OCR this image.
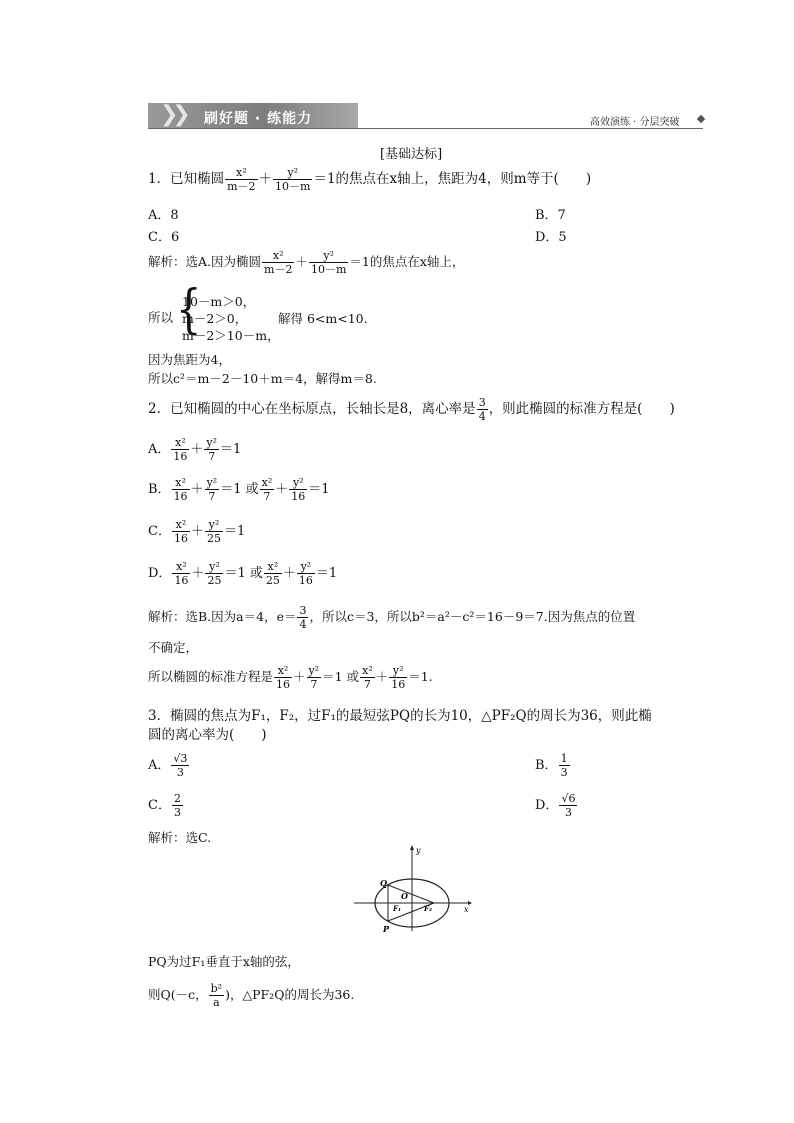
❯❯ 刷好题 · 练能力	高效演练 · 分层突破
[基础达标]
1．已知椭圆 $\frac{\text{x²}}{m-2} + \frac{\text{y²}}{10-m} =1$的焦点在x轴上，焦距为4，则m等于(　　)
A．8	B．7
C．6	D．5
解析：选A.因为椭圆 $\frac{\text{x²}}{m-2} + \frac{\text{y²}}{10-m} =1$的焦点在x轴上，
所以 {
10－m＞0，
m－2＞0，
m－2＞10－m，
解得 6<m<10.
因为焦距为4，
所以c²＝m－2－10＋m＝4，解得m＝8.
2．已知椭圆的中心在坐标原点，长轴长是8，离心率是 $\frac{3}{4}$ ，则此椭圆的标准方程是(　　)
A． $\frac{\text{x²}}{16} + \frac{\text{y²}}{7} =1$
B． $\frac{\text{x²}}{16} + \frac{\text{y²}}{7} =1$ 或 $\frac{\text{x²}}{7} + \frac{\text{y²}}{16} =1$
C． $\frac{\text{x²}}{16} + \frac{\text{y²}}{25} =1$
D． $\frac{\text{x²}}{16} + \frac{\text{y²}}{25} =1$ 或 $\frac{\text{x²}}{25} + \frac{\text{y²}}{16} =1$
解析：选B.因为a＝4，$e= \frac{3}{4}$ ，所以c＝3，所以b²＝a²－c²＝16－9＝7.因为焦点的位置
不确定，
所以椭圆的标准方程是 $\frac{\text{x²}}{16} + \frac{\text{y²}}{7} =1$ 或 $\frac{\text{x²}}{7} + \frac{\text{y²}}{16} =1$.
3．椭圆的焦点为F₁，F₂，过F₁的最短弦PQ的长为10，△PF₂Q的周长为36，则此椭
圆的离心率为(　　)
A． $\frac{√3}{3}$	B． $\frac{1}{3}$
C． $\frac{2}{3}$	D． $\frac{√6}{3}$
解析：选C.
y
x
Q
O
F₁	F₂
P
PQ为过F₁垂直于x轴的弦，
则Q(－c， $\frac{\text{b²}}{a}$ )，△PF₂Q的周长为36.
